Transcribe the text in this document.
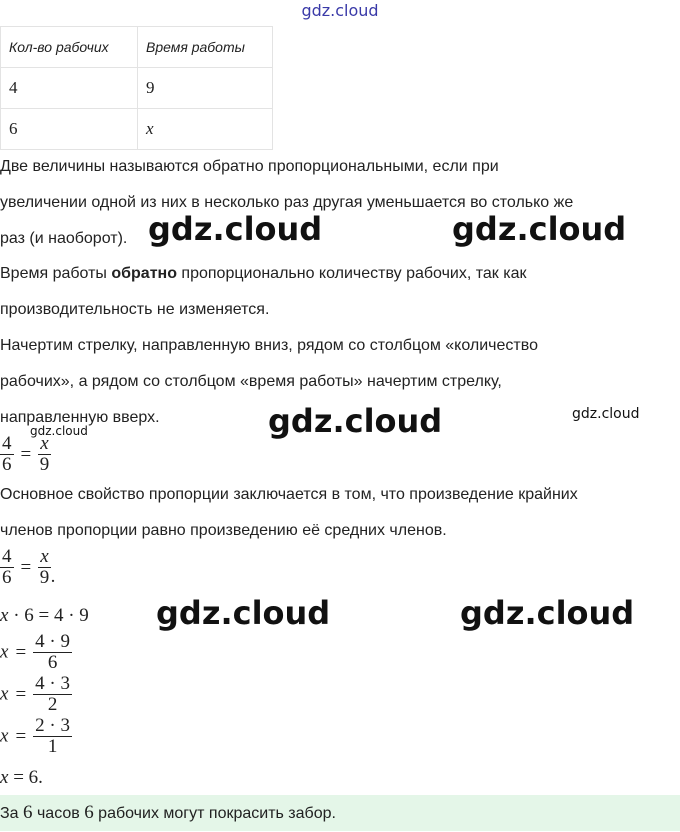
gdz.cloud
Кол-во рабочих	Время работы
4	9
6	x
Две величины называются обратно пропорциональными, если при
увеличении одной из них в несколько раз другая уменьшается во столько же
раз (и наоборот).
Время работы обратно пропорционально количеству рабочих, так как
производительность не изменяется.
Начертим стрелку, направленную вниз, рядом со столбцом «количество
рабочих», а рядом со столбцом «время работы» начертим стрелку,
направленную вверх.
$\frac{4}{6} = \frac{x}{9}$
Основное свойство пропорции заключается в том, что произведение крайних
членов пропорции равно произведению её средних членов.
$\frac{4}{6} = \frac{x}{9}$ .
x · 6 = 4 · 9
$x = \frac{4 \cdot 9}{6}$
$x = \frac{4 \cdot 3}{2}$
$x = \frac{2 \cdot 3}{1}$
x = 6.
За 6 часов 6 рабочих могут покрасить забор.
gdz.cloud	gdz.cloud
gdz.cloud	gdz.cloud
gdz.cloud
gdz.cloud	gdz.cloud
